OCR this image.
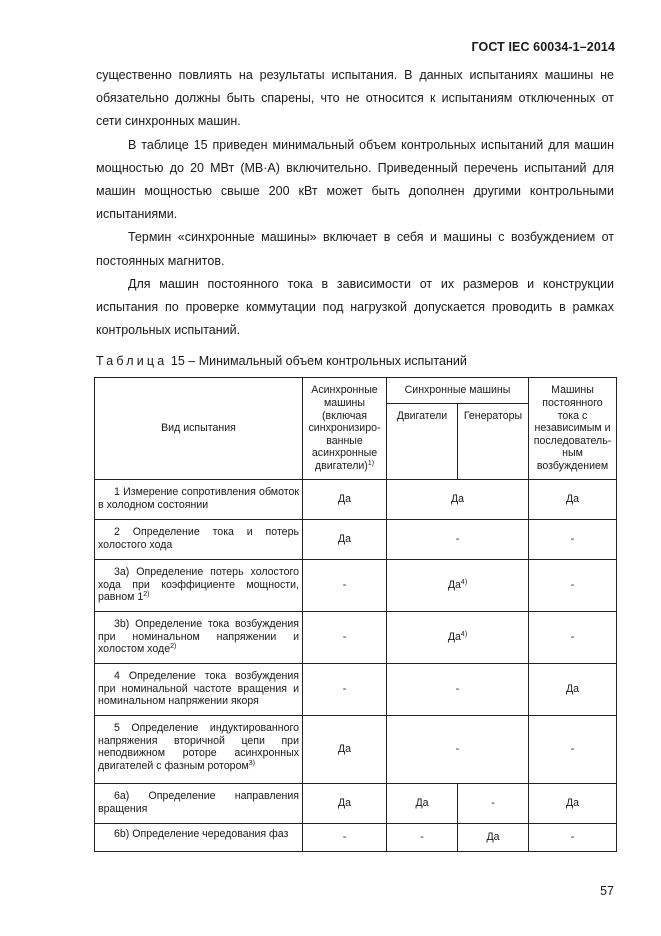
ГОСТ IEC 60034-1–2014

существенно повлиять на результаты испытания. В данных испытаниях машины не обязательно должны быть спарены, что не относится к испытаниям отключенных от сети синхронных машин.

В таблице 15 приведен минимальный объем контрольных испытаний для машин мощностью до 20 МВт (МВ·А) включительно. Приведенный перечень испытаний для машин мощностью свыше 200 кВт может быть дополнен другими контрольными испытаниями.

Термин «синхронные машины» включает в себя и машины с возбуждением от постоянных магнитов.

Для машин постоянного тока в зависимости от их размеров и конструкции испытания по проверке коммутации под нагрузкой допускается проводить в рамках контрольных испытаний.

Таблица 15 – Минимальный объем контрольных испытаний
Вид испытания	Асинхронные машины (включая синхронизиро-ванные асинхронные двигатели)$^{1)}$	Синхронные машины		Машины постоянного тока с независимым и последователь-ным возбуждением
		Двигатели	Генераторы	

1 Измерение сопротивления обмоток в холодном состоянии	Да	Да		Да

2 Определение тока и потерь холостого хода	Да	-		-

3а) Определение потерь холостого хода при коэффициенте мощности, равном 1$^{2)}$	-	$Да^{4)}$		-

3b) Определение тока возбуждения при номинальном напряжении и холостом ходе$^{2)}$	-	$Да^{4)}$		-

4 Определение тока возбуждения при номинальной частоте вращения и номинальном напряжении якоря	-	-		Да

5 Определение индуктированного напряжения вторичной цепи при неподвижном роторе асинхронных двигателей с фазным ротором$^{3)}$	Да	-		-

6а) Определение направления вращения	Да	Да	-	Да

6b) Определение чередования фаз	-	-	Да	-
57
